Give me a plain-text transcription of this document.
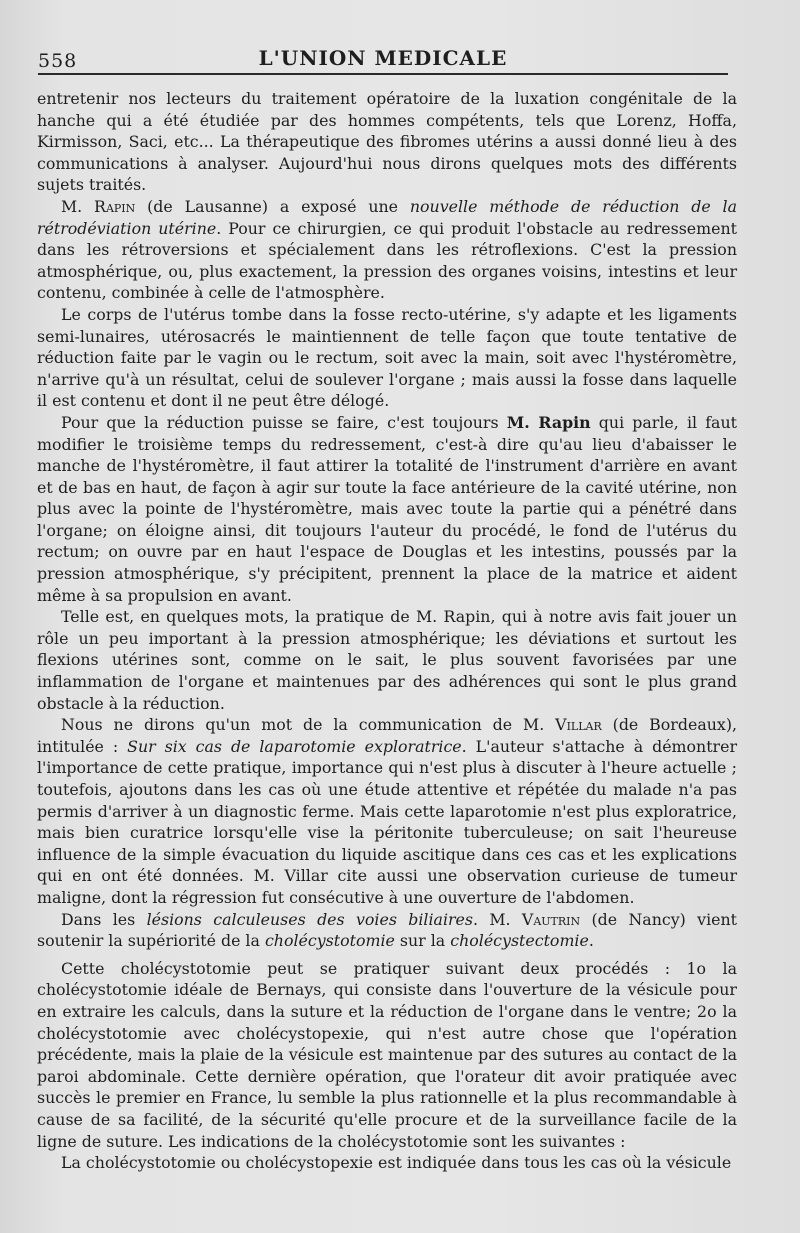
558	L'UNION MEDICALE

entretenir nos lecteurs du traitement opératoire de la luxation congénitale de la hanche qui a été étudiée par des hommes compétents, tels que Lorenz, Hoffa, Kirmisson, Saci, etc... La thérapeutique des fibromes utérins a aussi donné lieu à des communications à analyser. Aujourd'hui nous dirons quelques mots des différents sujets traités.

M. Rapin (de Lausanne) a exposé une nouvelle méthode de réduction de la rétrodéviation utérine. Pour ce chirurgien, ce qui produit l'obstacle au redressement dans les rétroversions et spécialement dans les rétroflexions. C'est la pression atmosphérique, ou, plus exactement, la pression des organes voisins, intestins et leur contenu, combinée à celle de l'atmosphère.

Le corps de l'utérus tombe dans la fosse recto-utérine, s'y adapte et les ligaments semi-lunaires, utérosacrés le maintiennent de telle façon que toute tentative de réduction faite par le vagin ou le rectum, soit avec la main, soit avec l'hystéromètre, n'arrive qu'à un résultat, celui de soulever l'organe ; mais aussi la fosse dans laquelle il est contenu et dont il ne peut être délogé.

Pour que la réduction puisse se faire, c'est toujours M. Rapin qui parle, il faut modifier le troisième temps du redressement, c'est-à dire qu'au lieu d'abaisser le manche de l'hystéromètre, il faut attirer la totalité de l'instrument d'arrière en avant et de bas en haut, de façon à agir sur toute la face antérieure de la cavité utérine, non plus avec la pointe de l'hystéromètre, mais avec toute la partie qui a pénétré dans l'organe; on éloigne ainsi, dit toujours l'auteur du procédé, le fond de l'utérus du rectum; on ouvre par en haut l'espace de Douglas et les intestins, poussés par la pression atmosphérique, s'y précipitent, prennent la place de la matrice et aident même à sa propulsion en avant.

Telle est, en quelques mots, la pratique de M. Rapin, qui à notre avis fait jouer un rôle un peu important à la pression atmosphérique; les déviations et surtout les flexions utérines sont, comme on le sait, le plus souvent favorisées par une inflammation de l'organe et maintenues par des adhérences qui sont le plus grand obstacle à la réduction.

Nous ne dirons qu'un mot de la communication de M. Villar (de Bordeaux), intitulée : Sur six cas de laparotomie exploratrice. L'auteur s'attache à démontrer l'importance de cette pratique, importance qui n'est plus à discuter à l'heure actuelle ; toutefois, ajoutons dans les cas où une étude attentive et répétée du malade n'a pas permis d'arriver à un diagnostic ferme. Mais cette laparotomie n'est plus exploratrice, mais bien curatrice lorsqu'elle vise la péritonite tuberculeuse; on sait l'heureuse influence de la simple évacuation du liquide ascitique dans ces cas et les explications qui en ont été données. M. Villar cite aussi une observation curieuse de tumeur maligne, dont la régression fut consécutive à une ouverture de l'abdomen.

Dans les lésions calculeuses des voies biliaires. M. Vautrin (de Nancy) vient soutenir la supériorité de la cholécystotomie sur la cholécystectomie.

Cette cholécystotomie peut se pratiquer suivant deux procédés : 1o la cholécystotomie idéale de Bernays, qui consiste dans l'ouverture de la vésicule pour en extraire les calculs, dans la suture et la réduction de l'organe dans le ventre; 2o la cholécystotomie avec cholécystopexie, qui n'est autre chose que l'opération précédente, mais la plaie de la vésicule est maintenue par des sutures au contact de la paroi abdominale. Cette dernière opération, que l'orateur dit avoir pratiquée avec succès le premier en France, lu semble la plus rationnelle et la plus recommandable à cause de sa facilité, de la sécurité qu'elle procure et de la surveillance facile de la ligne de suture. Les indications de la cholécystotomie sont les suivantes :

La cholécystotomie ou cholécystopexie est indiquée dans tous les cas où la vésicule
